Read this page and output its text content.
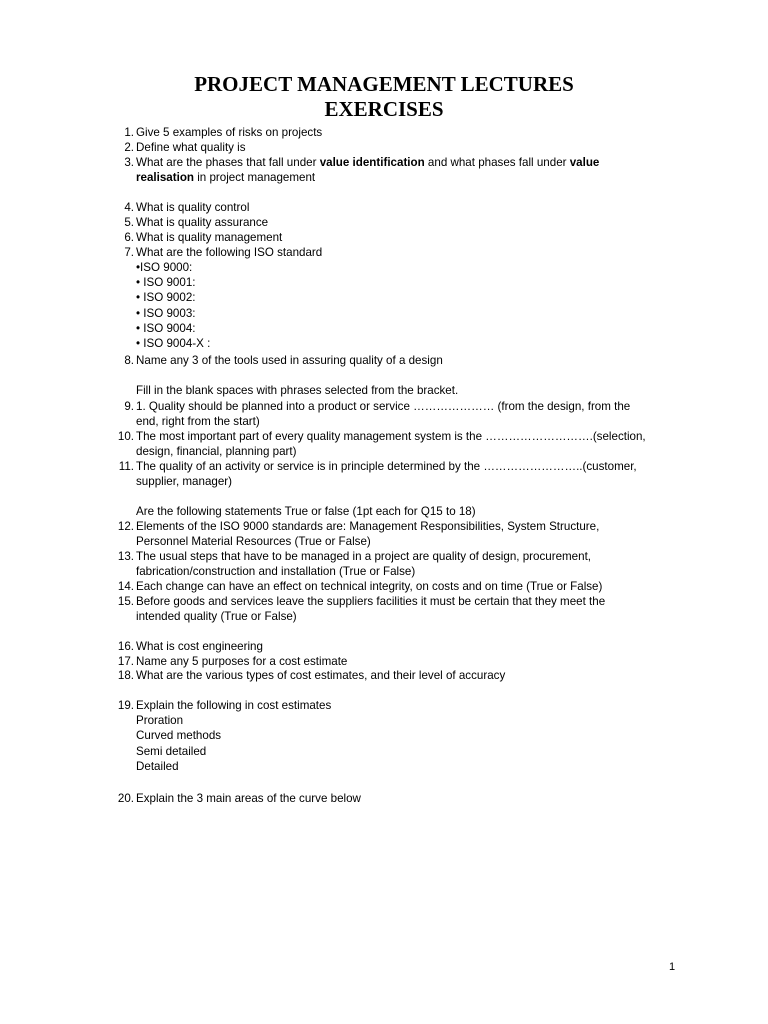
PROJECT MANAGEMENT LECTURES
EXERCISES
1. Give 5 examples of risks on projects
2. Define what quality is
3. What are the phases that fall under value identification and what phases fall under value
realisation in project management
4. What is quality control
5. What is quality assurance
6. What is quality management
7. What are the following ISO standard
•ISO 9000:
• ISO 9001:
• ISO 9002:
• ISO 9003:
• ISO 9004:
• ISO 9004-X :
8. Name any 3 of the tools used in assuring quality of a design
Fill in the blank spaces with phrases selected from the bracket.
9. 1. Quality should be planned into a product or service ………………… (from the design, from the
end, right from the start)
10. The most important part of every quality management system is the ……………………….(selection,
design, financial, planning part)
11. The quality of an activity or service is in principle determined by the ……………………..(customer,
supplier, manager)
Are the following statements True or false (1pt each for Q15 to 18)
12. Elements of the ISO 9000 standards are: Management Responsibilities, System Structure,
Personnel Material Resources (True or False)
13. The usual steps that have to be managed in a project are quality of design, procurement,
fabrication/construction and installation (True or False)
14. Each change can have an effect on technical integrity, on costs and on time (True or False)
15. Before goods and services leave the suppliers facilities it must be certain that they meet the
intended quality (True or False)
16. What is cost engineering
17. Name any 5 purposes for a cost estimate
18. What are the various types of cost estimates, and their level of accuracy
19. Explain the following in cost estimates
Proration
Curved methods
Semi detailed
Detailed
20. Explain the 3 main areas of the curve below
1
